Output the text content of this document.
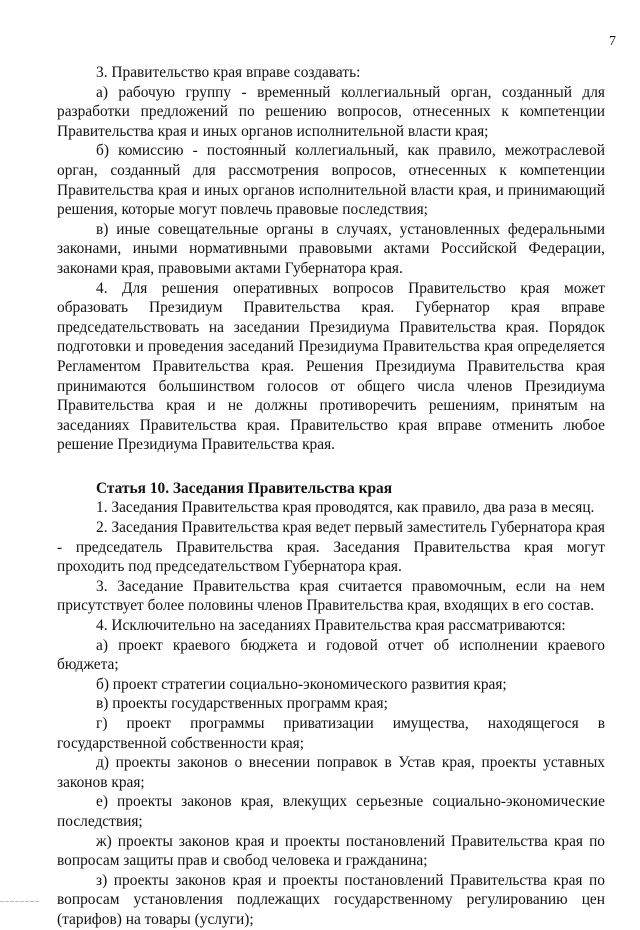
7

3. Правительство края вправе создавать:

а) рабочую группу - временный коллегиальный орган, созданный для разработки предложений по решению вопросов, отнесенных к компетенции Правительства края и иных органов исполнительной власти края;

б) комиссию - постоянный коллегиальный, как правило, межотраслевой орган, созданный для рассмотрения вопросов, отнесенных к компетенции Правительства края и иных органов исполнительной власти края, и принимающий решения, которые могут повлечь правовые последствия;

в) иные совещательные органы в случаях, установленных федеральными законами, иными нормативными правовыми актами Российской Федерации, законами края, правовыми актами Губернатора края.

4. Для решения оперативных вопросов Правительство края может образовать Президиум Правительства края. Губернатор края вправе председательствовать на заседании Президиума Правительства края. Порядок подготовки и проведения заседаний Президиума Правительства края определяется Регламентом Правительства края. Решения Президиума Правительства края принимаются большинством голосов от общего числа членов Президиума Правительства края и не должны противоречить решениям, принятым на заседаниях Правительства края. Правительство края вправе отменить любое решение Президиума Правительства края.

Статья 10. Заседания Правительства края

1. Заседания Правительства края проводятся, как правило, два раза в месяц.

2. Заседания Правительства края ведет первый заместитель Губернатора края - председатель Правительства края. Заседания Правительства края могут проходить под председательством Губернатора края.

3. Заседание Правительства края считается правомочным, если на нем присутствует более половины членов Правительства края, входящих в его состав.

4. Исключительно на заседаниях Правительства края рассматриваются:

а) проект краевого бюджета и годовой отчет об исполнении краевого бюджета;

б) проект стратегии социально-экономического развития края;

в) проекты государственных программ края;

г) проект программы приватизации имущества, находящегося в государственной собственности края;

д) проекты законов о внесении поправок в Устав края, проекты уставных законов края;

е) проекты законов края, влекущих серьезные социально-экономические последствия;

ж) проекты законов края и проекты постановлений Правительства края по вопросам защиты прав и свобод человека и гражданина;

з) проекты законов края и проекты постановлений Правительства края по вопросам установления подлежащих государственному регулированию цен (тарифов) на товары (услуги);

________
